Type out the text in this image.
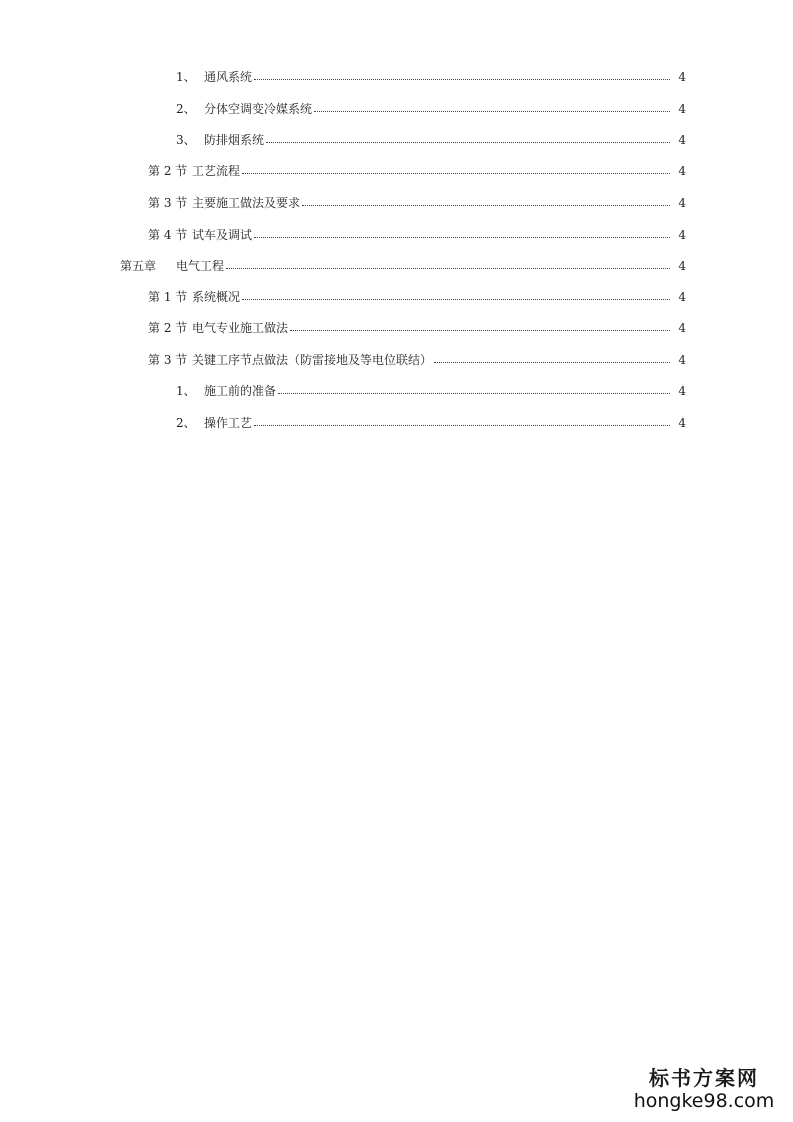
1、 通风系统	4
2、 分体空调变冷媒系统	4
3、 防排烟系统	4
第 2 节 工艺流程	4
第 3 节 主要施工做法及要求	4
第 4 节 试车及调试	4
第五章	电气工程	4
第 1 节 系统概况	4
第 2 节 电气专业施工做法	4
第 3 节 关键工序节点做法（防雷接地及等电位联结）	4
1、 施工前的准备	4
2、 操作工艺	4
标书方案网
hongke98.com
